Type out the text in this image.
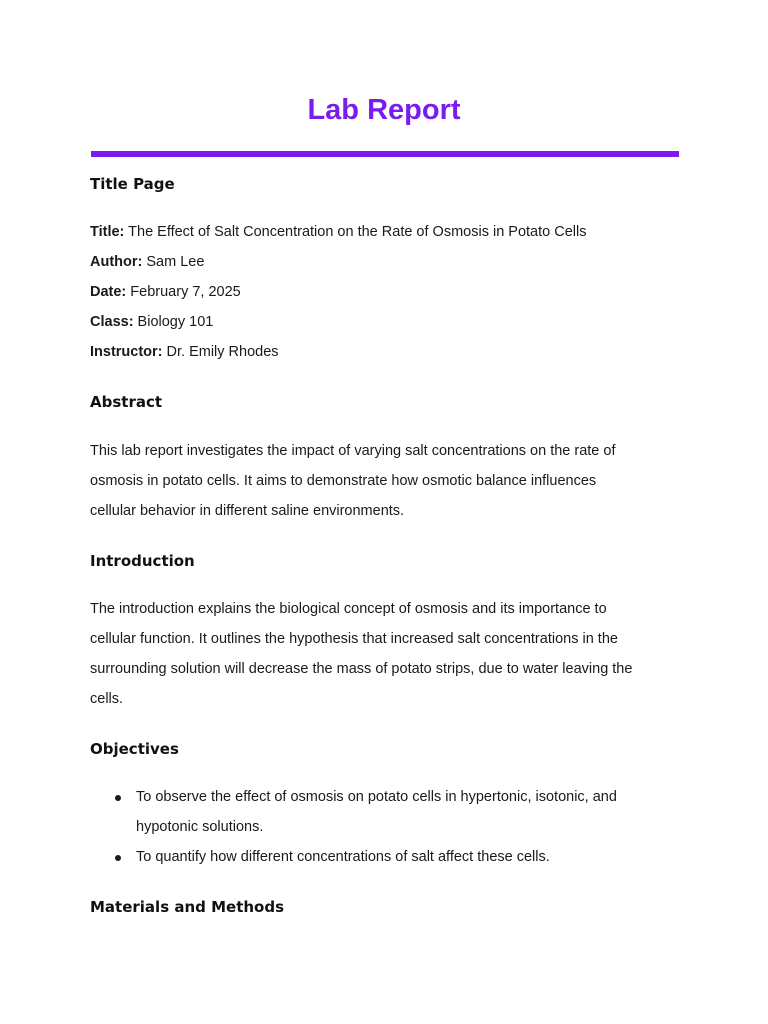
Lab Report
Title Page

Title: The Effect of Salt Concentration on the Rate of Osmosis in Potato Cells

Author: Sam Lee

Date: February 7, 2025

Class: Biology 101

Instructor: Dr. Emily Rhodes

Abstract

This lab report investigates the impact of varying salt concentrations on the rate of

osmosis in potato cells. It aims to demonstrate how osmotic balance influences

cellular behavior in different saline environments.

Introduction

The introduction explains the biological concept of osmosis and its importance to

cellular function. It outlines the hypothesis that increased salt concentrations in the

surrounding solution will decrease the mass of potato strips, due to water leaving the

cells.

Objectives
To observe the effect of osmosis on potato cells in hypertonic, isotonic, and
hypotonic solutions.
To quantify how different concentrations of salt affect these cells.
Materials and Methods
